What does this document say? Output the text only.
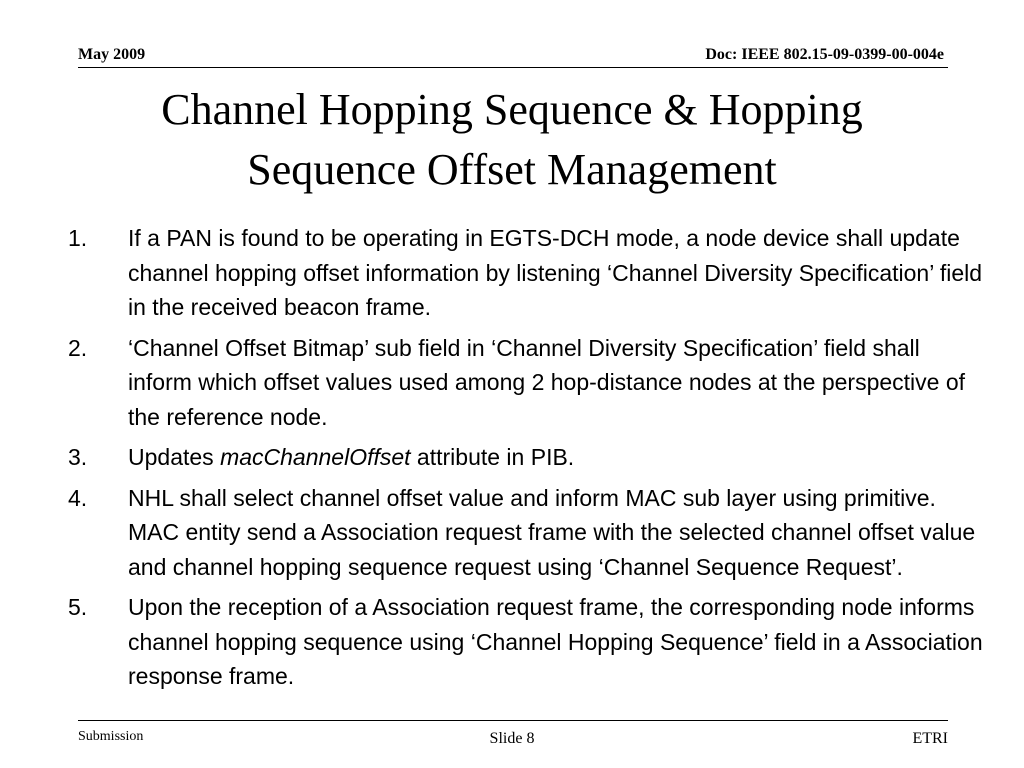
May 2009	Doc: IEEE 802.15-09-0399-00-004e
Channel Hopping Sequence & Hopping
Sequence Offset Management
1. If a PAN is found to be operating in EGTS-DCH mode, a node device shall update channel hopping offset information by listening ‘Channel Diversity Specification’ field in the received beacon frame.
2. ‘Channel Offset Bitmap’ sub field in ‘Channel Diversity Specification’ field shall inform which offset values used among 2 hop-distance nodes at the perspective of the reference node.
3. Updates macChannelOffset attribute in PIB.
4. NHL shall select channel offset value and inform MAC sub layer using primitive. MAC entity send a Association request frame with the selected channel offset value and channel hopping sequence request using ‘Channel Sequence Request’.
5. Upon the reception of a Association request frame, the corresponding node informs channel hopping sequence using ‘Channel Hopping Sequence’ field in a Association response frame.
Submission	Slide 8	ETRI
